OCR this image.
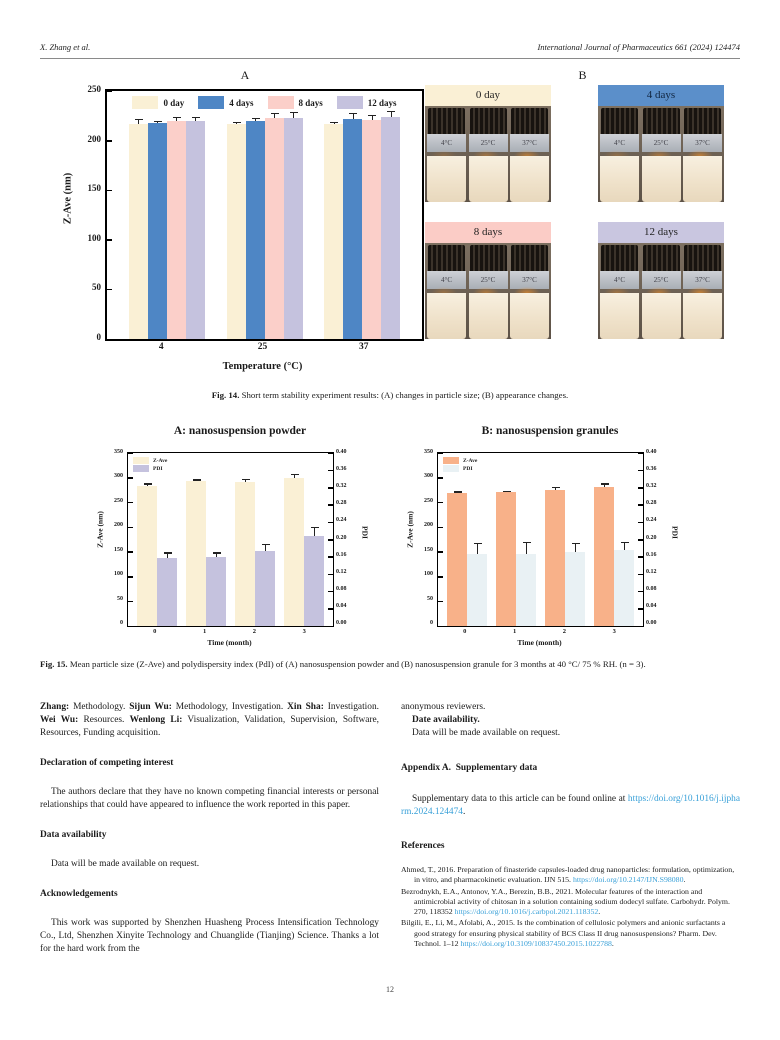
X. Zhang et al.	International Journal of Pharmaceutics 661 (2024) 124474
A
0 day	4 days	8 days	12 days
0
50
100
150
200
250
4	25	37
Temperature (°C)
Z-Ave (nm)
B
0 day
4°C	25°C	37°C
4 days
4°C	25°C	37°C
8 days
4°C	25°C	37°C
12 days
4°C	25°C	37°C
Fig. 14. Short term stability experiment results: (A) changes in particle size; (B) appearance changes.
A: nanosuspension powder
Z-Ave
PDI
0
50
100
150
200
250
300
350
0.00
0.04
0.08
0.12
0.16
0.20
0.24
0.28
0.32
0.36
0.40
0	1	2	3
Time (month)
Z-Ave (nm)	PDI
B: nanosuspension granules
Z-Ave
PDI
0
50
100
150
200
250
300
350
0.00
0.04
0.08
0.12
0.16
0.20
0.24
0.28
0.32
0.36
0.40
0	1	2	3
Time (month)
Z-Ave (nm)	PDI
Fig. 15. Mean particle size (Z-Ave) and polydispersity index (PdI) of (A) nanosuspension powder and (B) nanosuspension granule for 3 months at 40 °C/ 75 % RH. (n = 3).

Zhang: Methodology. Sijun Wu: Methodology, Investigation. Xin Sha: Investigation. Wei Wu: Resources. Wenlong Li: Visualization, Validation, Supervision, Software, Resources, Funding acquisition.

Declaration of competing interest

The authors declare that they have no known competing financial interests or personal relationships that could have appeared to influence the work reported in this paper.

Data availability

Data will be made available on request.

Acknowledgements

This work was supported by Shenzhen Huasheng Process Intensification Technology Co., Ltd, Shenzhen Xinyite Technology and Chuanglide (Tianjing) Science. Thanks a lot for the hard work from the

anonymous reviewers.

Date availability.

Data will be made available on request.

Appendix A.  Supplementary data

Supplementary data to this article can be found online at https://doi.org/10.1016/j.ijpharm.2024.124474.

References

Ahmed, T., 2016. Preparation of finasteride capsules-loaded drug nanoparticles: formulation, optimization, in vitro, and pharmacokinetic evaluation. IJN 515. https://doi.org/10.2147/IJN.S98080.

Bezrodnykh, E.A., Antonov, Y.A., Berezin, B.B., 2021. Molecular features of the interaction and antimicrobial activity of chitosan in a solution containing sodium dodecyl sulfate. Carbohydr. Polym. 270, 118352 https://doi.org/10.1016/j.carbpol.2021.118352.

Bilgili, E., Li, M., Afolabi, A., 2015. Is the combination of cellulosic polymers and anionic surfactants a good strategy for ensuring physical stability of BCS Class II drug nanosuspensions? Pharm. Dev. Technol. 1–12 https://doi.org/10.3109/10837450.2015.1022788.

12
